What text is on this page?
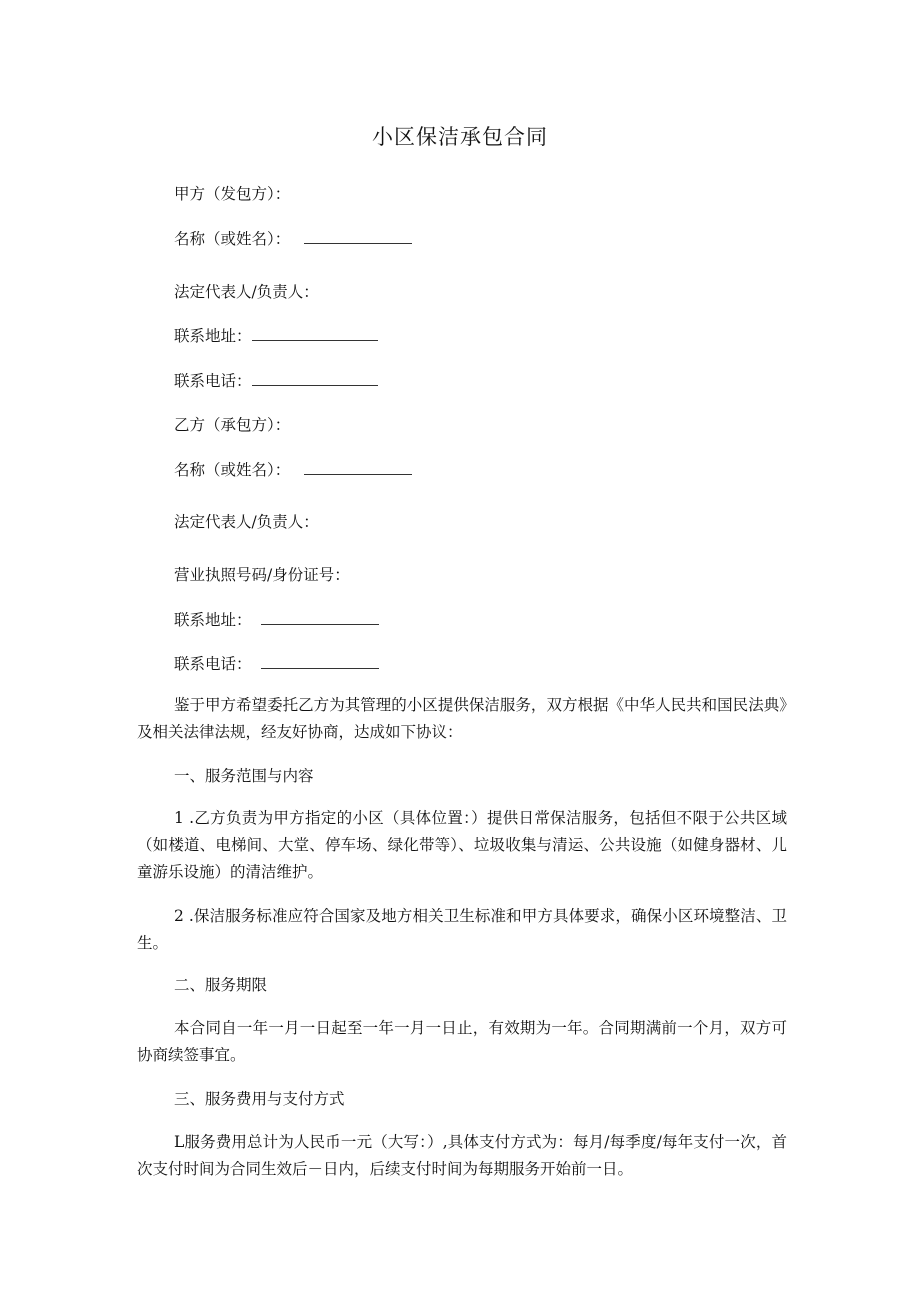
小区保洁承包合同
甲方（发包方）：
名称（或姓名）：
法定代表人/负责人：
联系地址：
联系电话：
乙方（承包方）：
名称（或姓名）：
法定代表人/负责人：
营业执照号码/身份证号：
联系地址：
联系电话：
鉴于甲方希望委托乙方为其管理的小区提供保洁服务，双方根据《中华人民共和国民法典》及相关法律法规，经友好协商，达成如下协议：
一、服务范围与内容
1 .乙方负责为甲方指定的小区（具体位置：）提供日常保洁服务，包括但不限于公共区域（如楼道、电梯间、大堂、停车场、绿化带等）、垃圾收集与清运、公共设施（如健身器材、儿童游乐设施）的清洁维护。
2 .保洁服务标准应符合国家及地方相关卫生标准和甲方具体要求，确保小区环境整洁、卫生。
二、服务期限
本合同自一年一月一日起至一年一月一日止，有效期为一年。合同期满前一个月，双方可协商续签事宜。
三、服务费用与支付方式
L服务费用总计为人民币一元（大写：）,具体支付方式为：每月/每季度/每年支付一次，首次支付时间为合同生效后－日内，后续支付时间为每期服务开始前一日。
